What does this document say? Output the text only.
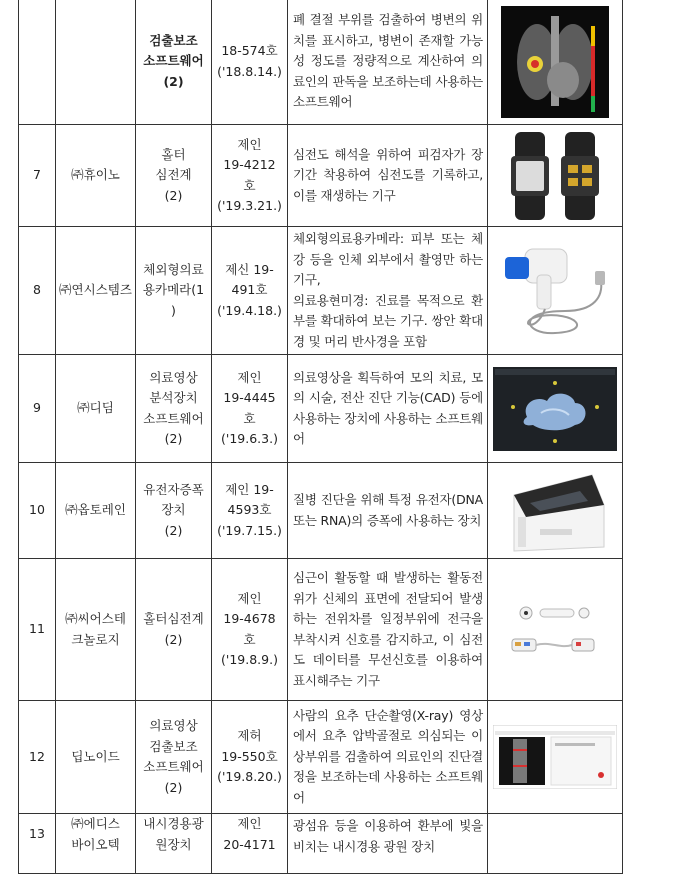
		검출보조
소프트웨어
(2)	18-574호
('18.8.14.)	폐 결절 부위를 검출하여 병변의 위치를 표시하고, 병변이 존재할 가능성 정도를 정량적으로 계산하여 의료인의 판독을 보조하는데 사용하는 소프트웨어	

7	㈜휴이노	홀터
심전계
(2)	제인
19-4212
호
('19.3.21.)	심전도 해석을 위하여 피검자가 장기간 착용하여 심전도를 기록하고, 이를 재생하는 기구	

8	㈜연시스템즈	체외형의료
용카메라(1
)	제신 19-
491호
('19.4.18.)	체외형의료용카메라: 피부 또는 체강 등을 인체 외부에서 촬영만 하는 기구,
의료용현미경: 진료를 목적으로 환부를 확대하여 보는 기구. 쌍안 확대경 및 머리 반사경을 포함	

9	㈜디딤	의료영상
분석장치
소프트웨어
(2)	제인
19-4445
호
('19.6.3.)	의료영상을 획득하여 모의 치료, 모의 시술, 전산 진단 기능(CAD) 등에 사용하는 장치에 사용하는 소프트웨어	

10	㈜옵토레인	유전자증폭
장치
(2)	제인 19-
4593호
('19.7.15.)	질병 진단을 위해 특정 유전자(DNA 또는 RNA)의 증폭에 사용하는 장치	

11	㈜씨어스테
크놀로지	홀터심전계
(2)	제인
19-4678
호
('19.8.9.)	심근이 활동할 때 발생하는 활동전위가 신체의 표면에 전달되어 발생하는 전위차를 일정부위에 전극을 부착시켜 신호를 감지하고, 이 심전도 데이터를 무선신호를 이용하여 표시해주는 기구	

12	딥노이드	의료영상
검출보조
소프트웨어
(2)	제허
19-550호
('19.8.20.)	사람의 요추 단순촬영(X-ray) 영상에서 요추 압박골절로 의심되는 이상부위를 검출하여 의료인의 진단결정을 보조하는데 사용하는 소프트웨어	

13	㈜에디스
바이오텍	내시경용광
원장치	제인
20-4171	광섬유 등을 이용하여 환부에 빛을 비치는 내시경용 광원 장치	
